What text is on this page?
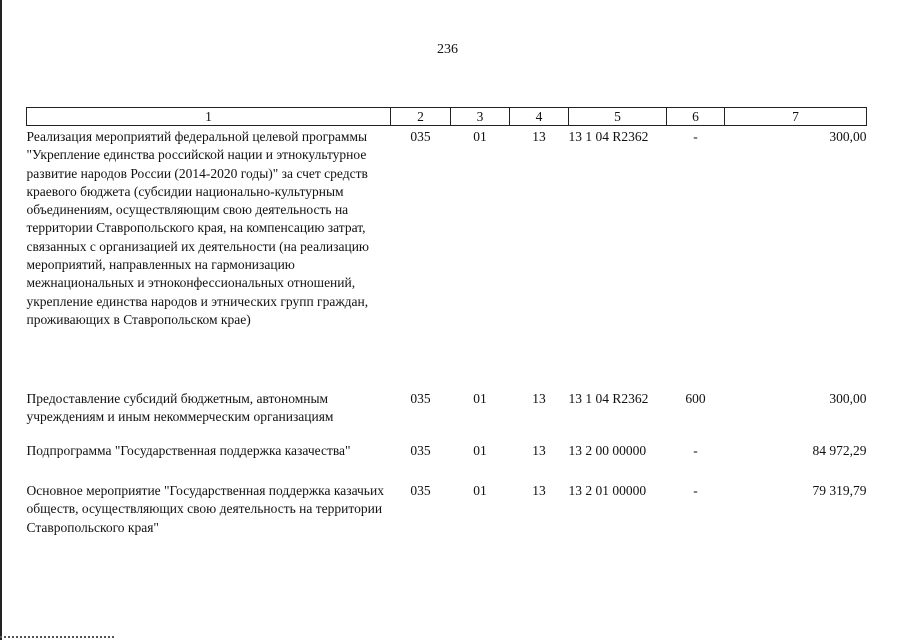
236
1	2	3	4	5	6	7
Реализация мероприятий федеральной целевой программы "Укрепление единства российской нации и этнокультурное развитие народов России (2014-2020 годы)" за счет средств краевого бюджета (субсидии национально-культурным объединениям, осуществляющим свою деятельность на территории Ставропольского края, на компенсацию затрат, связанных с организацией их деятельности (на реализацию мероприятий, направленных на гармонизацию межнациональных и этноконфессиональных отношений, укрепление единства народов и этнических групп граждан, проживающих в Ставропольском крае)	035	01	13	13 1 04 R2362	-	300,00
Предоставление субсидий бюджетным, автономным учреждениям и иным некоммерческим организациям	035	01	13	13 1 04 R2362	600	300,00
Подпрограмма "Государственная поддержка казачества"	035	01	13	13 2 00 00000	-	84 972,29
Основное мероприятие "Государственная поддержка казачьих обществ, осуществляющих свою деятельность на территории Ставропольского края"	035	01	13	13 2 01 00000	-	79 319,79
